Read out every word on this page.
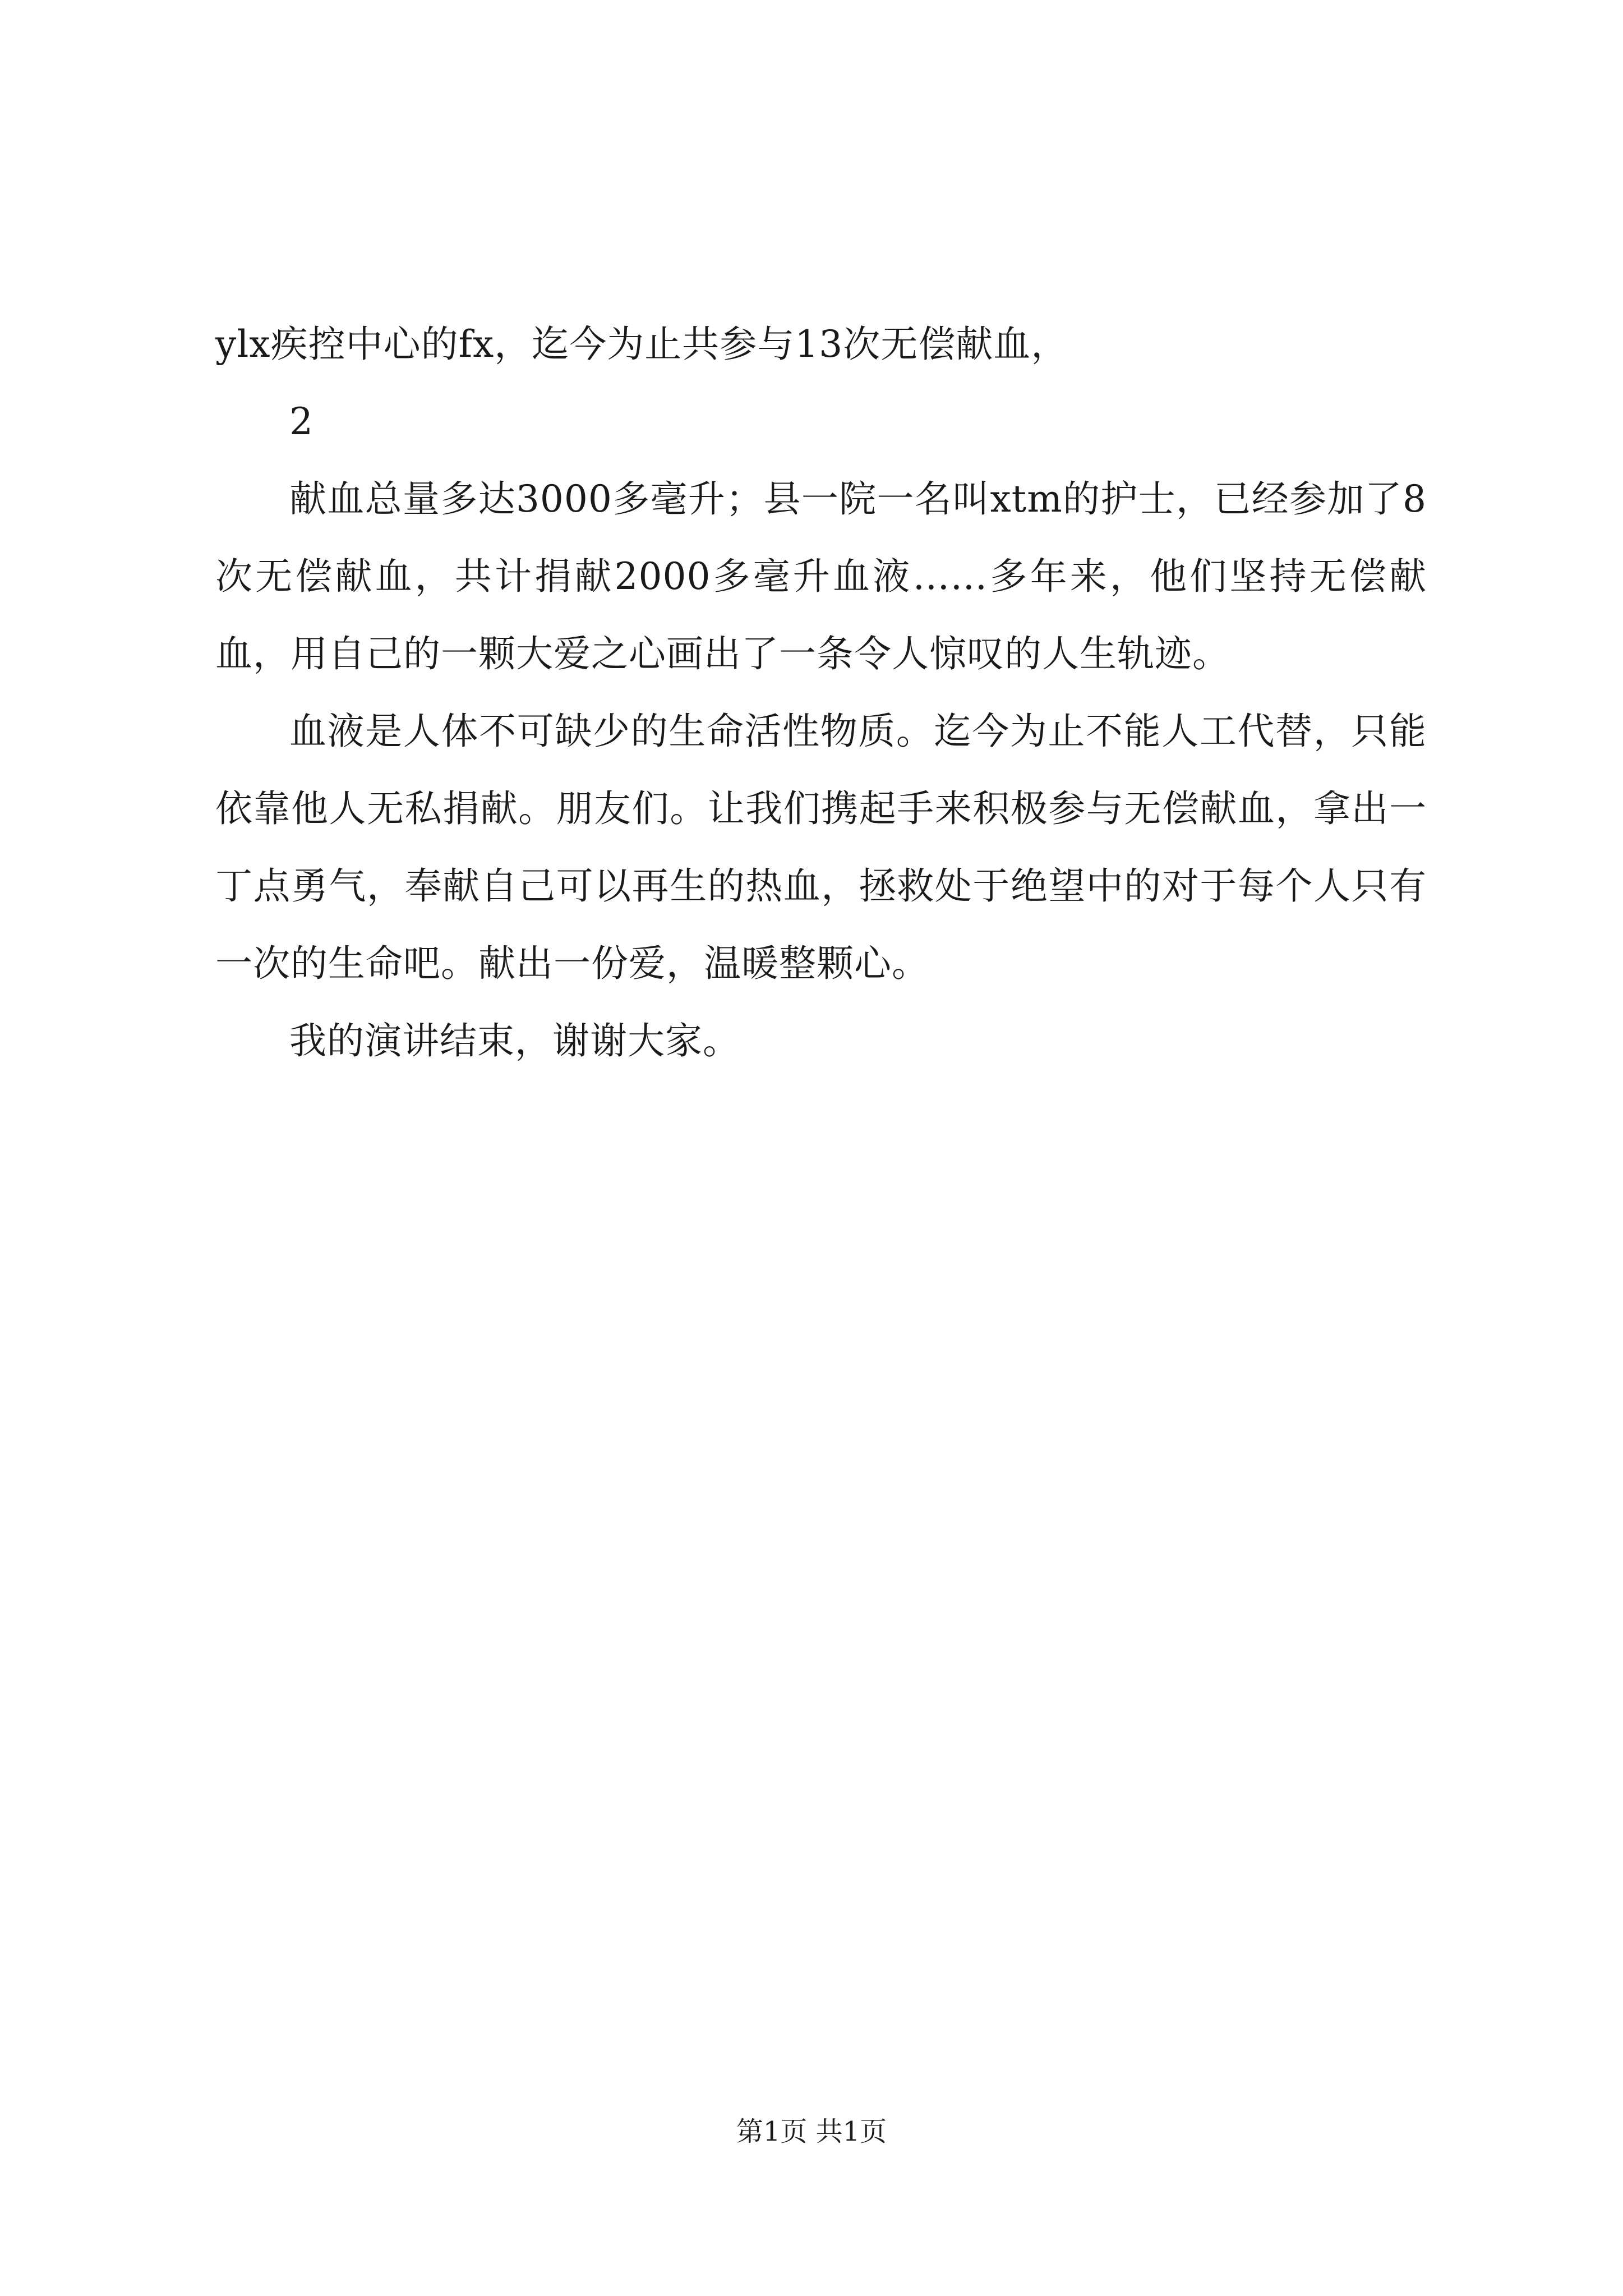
ylx疾控中心的fx，迄今为止共参与13次无偿献血，

2

献血总量多达3000多毫升；县一院一名叫xtm的护士，已经参加了8次无偿献血，共计捐献2000多毫升血液……多年来，他们坚持无偿献血，用自己的一颗大爱之心画出了一条令人惊叹的人生轨迹。

血液是人体不可缺少的生命活性物质。迄今为止不能人工代替，只能依靠他人无私捐献。朋友们。让我们携起手来积极参与无偿献血，拿出一丁点勇气，奉献自己可以再生的热血，拯救处于绝望中的对于每个人只有一次的生命吧。献出一份爱，温暖整颗心。

我的演讲结束，谢谢大家。

第1页 共1页
